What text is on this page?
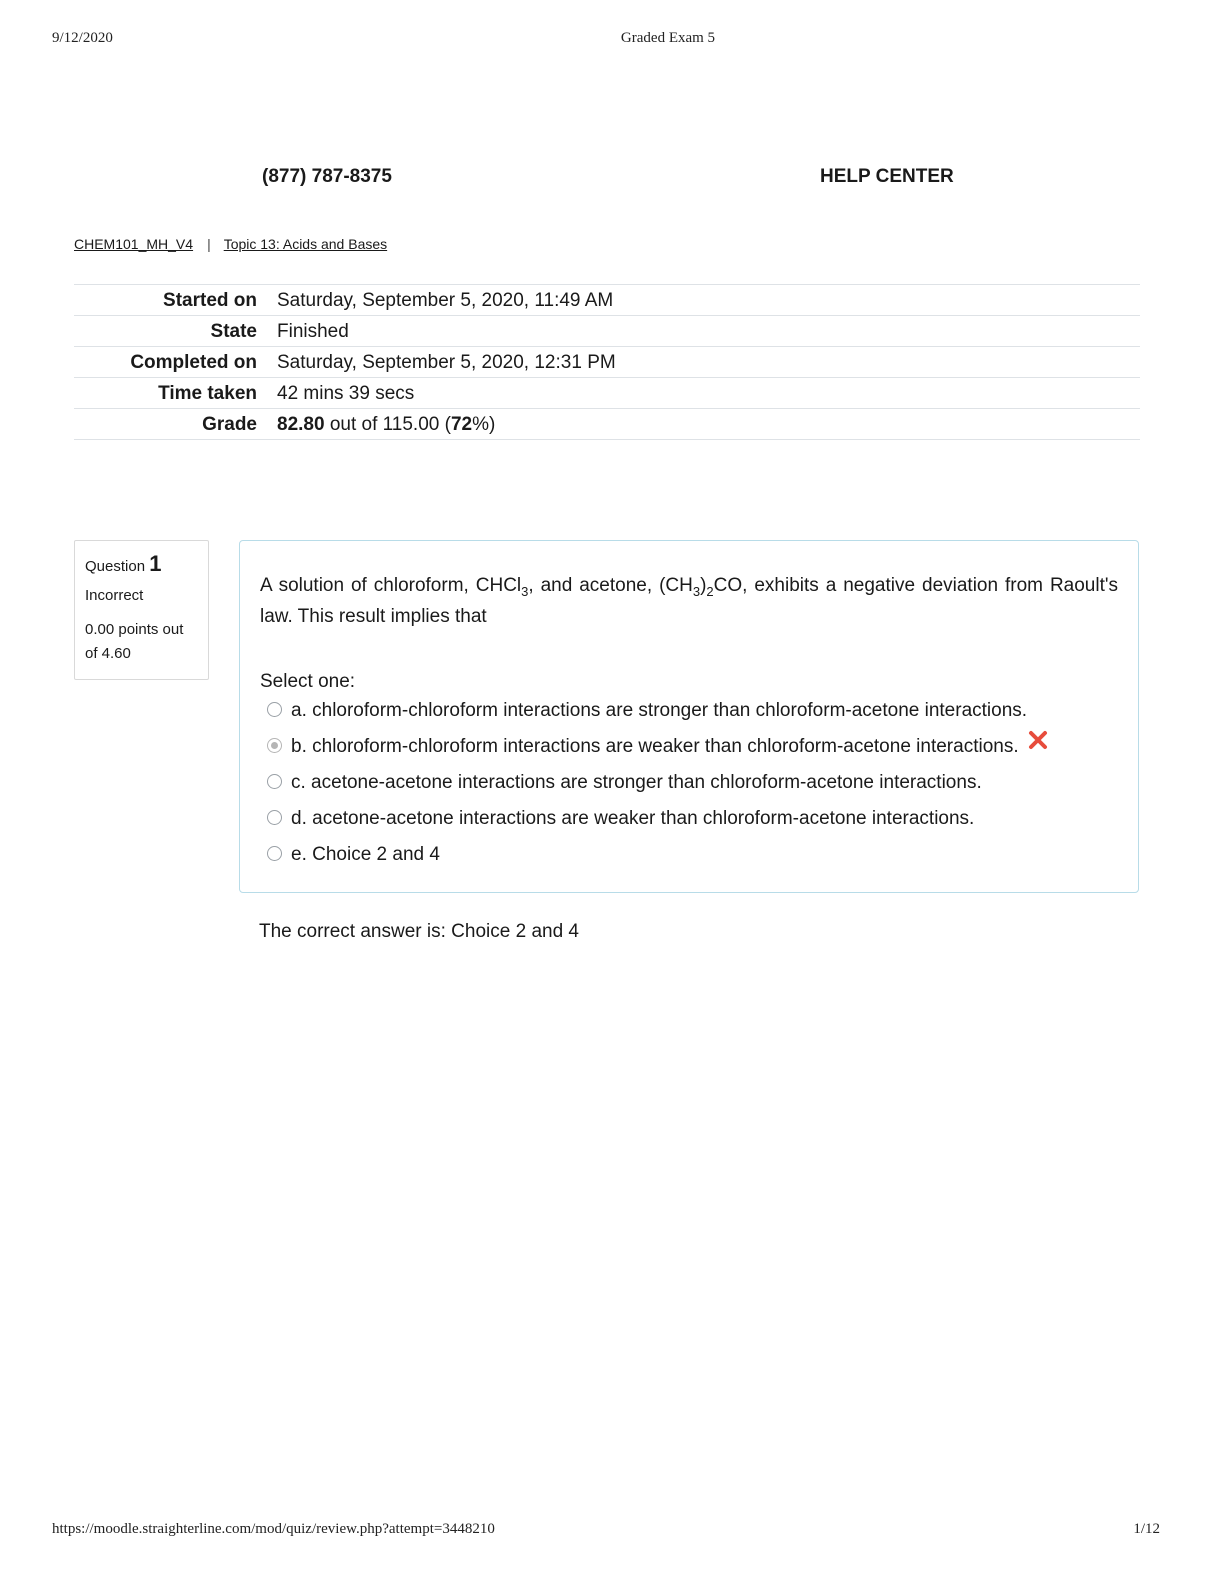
9/12/2020	Graded Exam 5
(877) 787-8375	HELP CENTER
CHEM101_MH_V4 | Topic 13: Acids and Bases
Started on	Saturday, September 5, 2020, 11:49 AM
State	Finished
Completed on	Saturday, September 5, 2020, 12:31 PM
Time taken	42 mins 39 secs
Grade	82.80 out of 115.00 (72%)
Question 1
Incorrect
0.00 points out of 4.60
A solution of chloroform, CHCl$_3$, and acetone, $(CH_3)_2CO$, exhibits a negative deviation from Raoult's law. This result implies that
Select one:
a. chloroform-chloroform interactions are stronger than chloroform-acetone interactions.
b. chloroform-chloroform interactions are weaker than chloroform-acetone interactions.
c. acetone-acetone interactions are stronger than chloroform-acetone interactions.
d. acetone-acetone interactions are weaker than chloroform-acetone interactions.
e. Choice 2 and 4
The correct answer is: Choice 2 and 4
https://moodle.straighterline.com/mod/quiz/review.php?attempt=3448210	1/12
